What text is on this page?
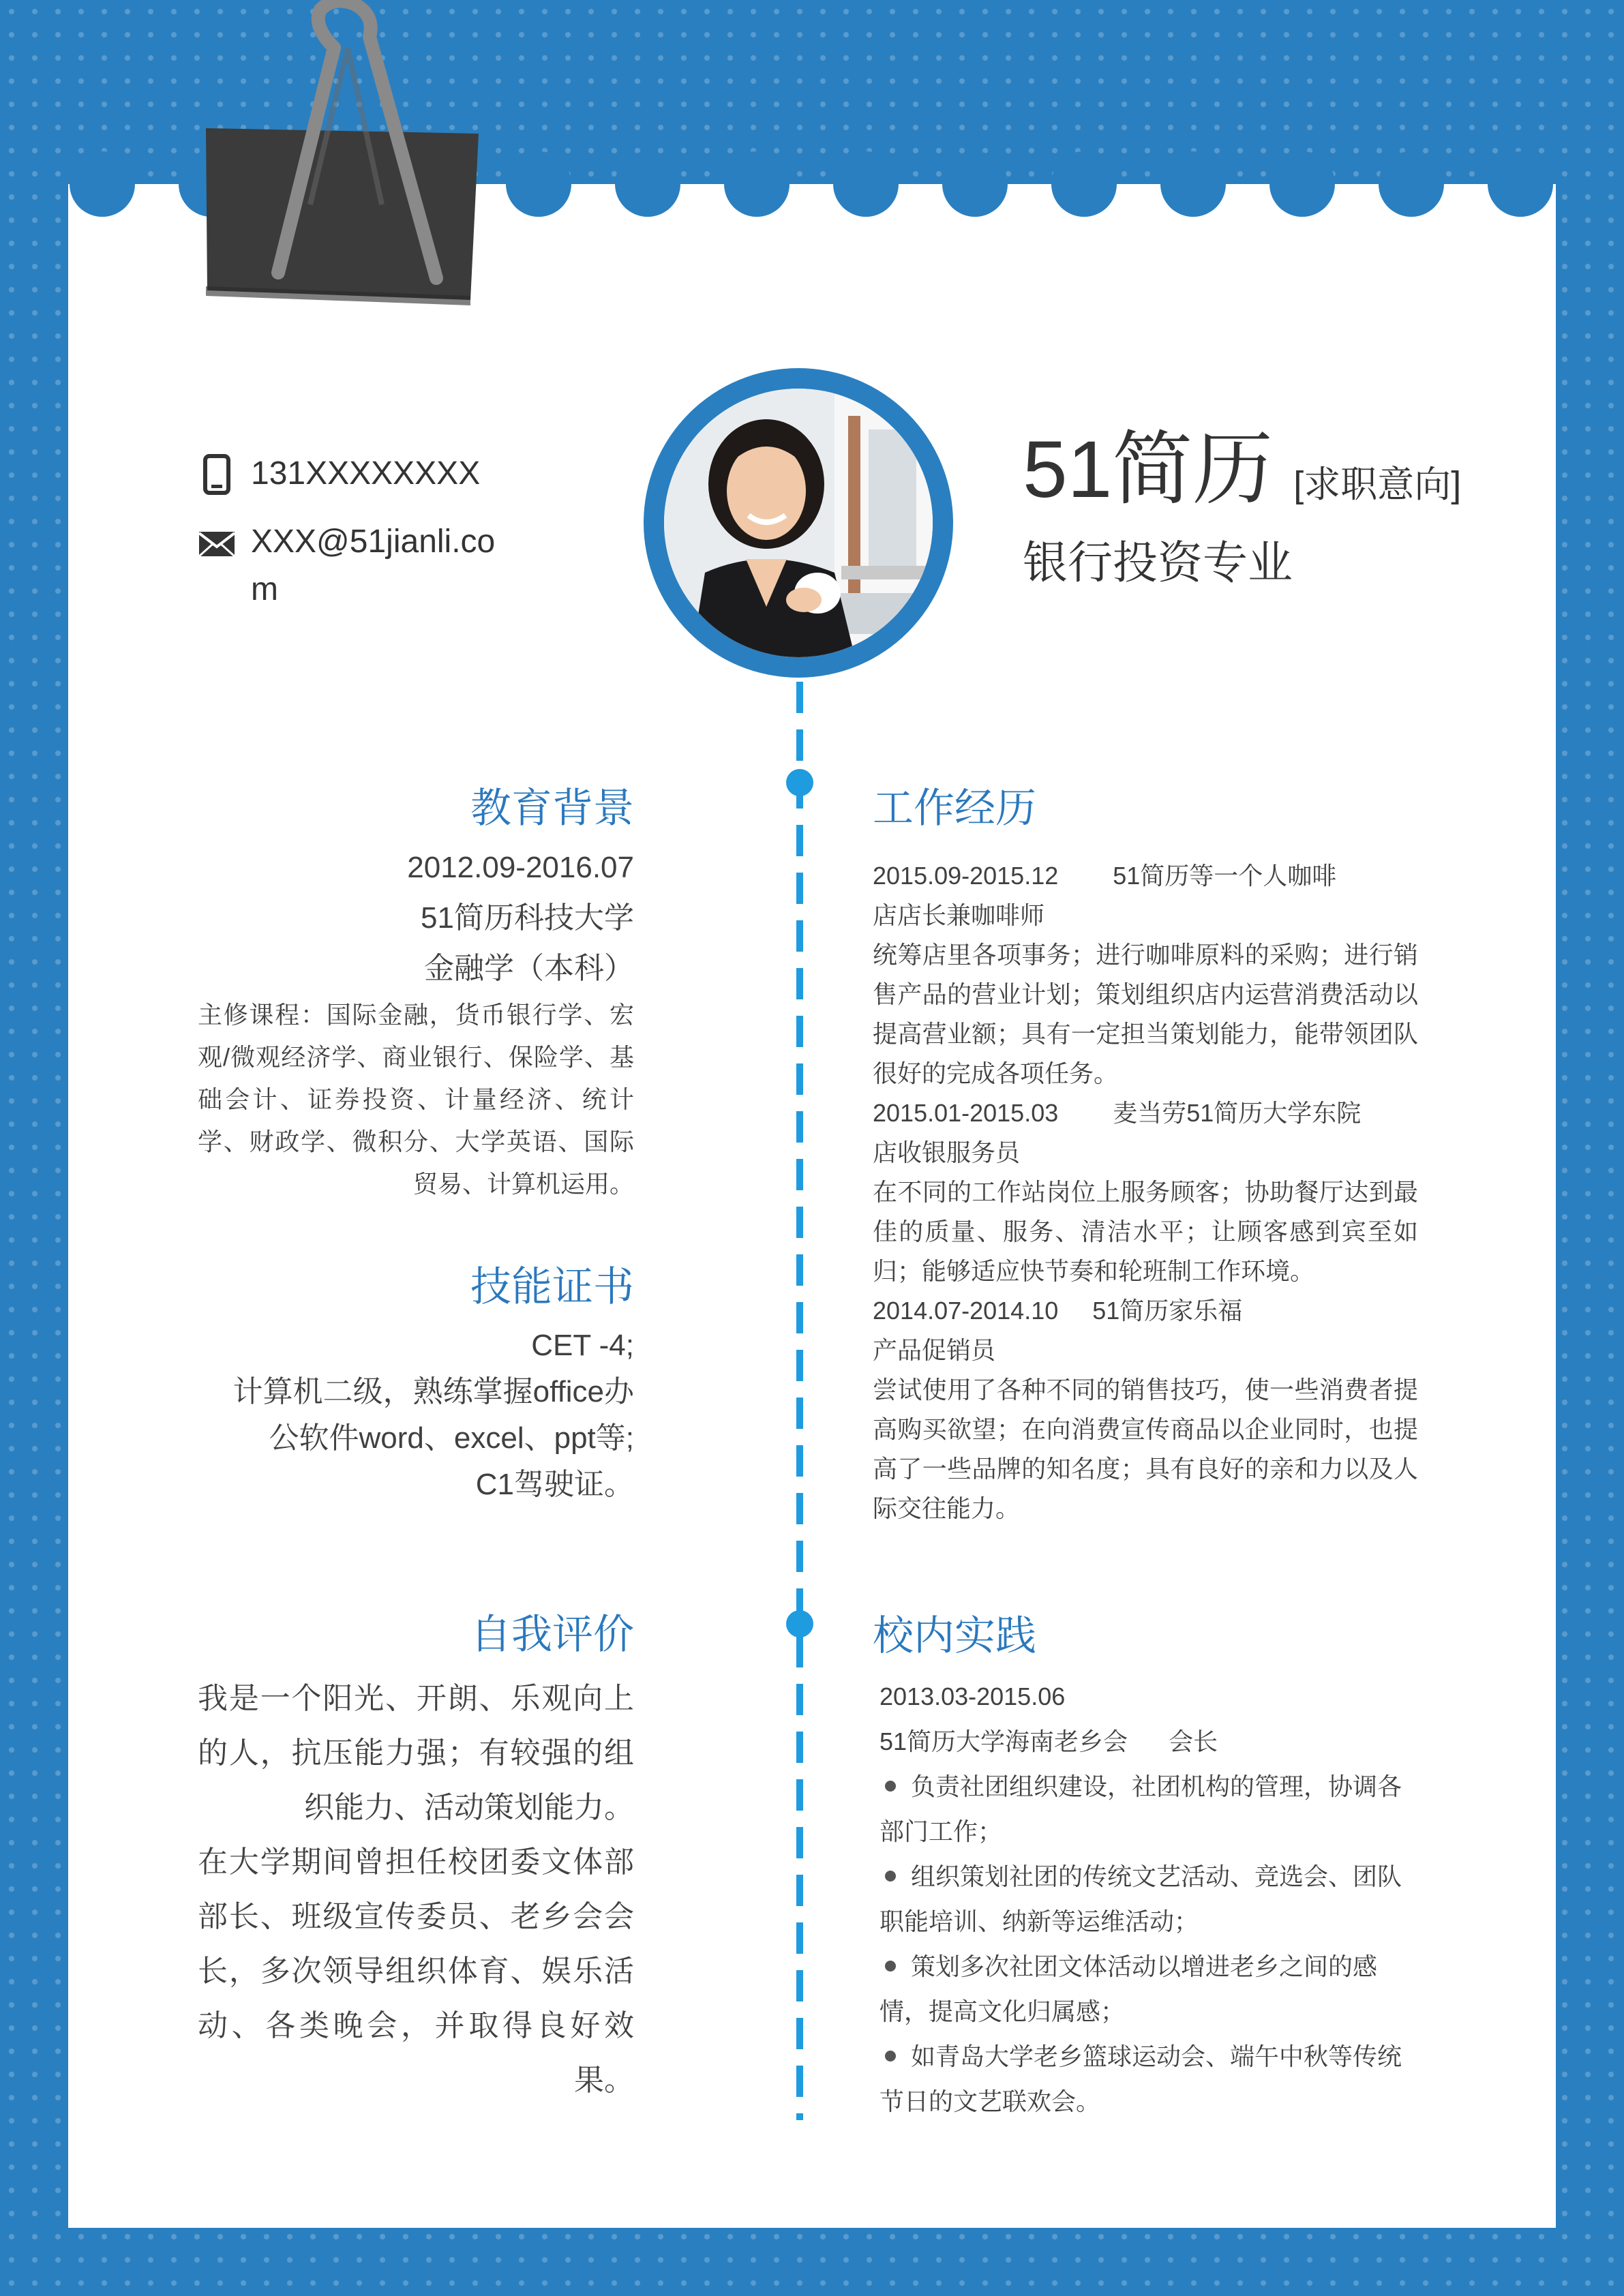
131XXXXXXXX
XXX@51jianli.com
51简历 [求职意向]
银行投资专业
教育背景
2012.09-2016.07
51简历科技大学金融学（本科）
主修课程：国际金融，货币银行学、宏观/微观经济学、商业银行、保险学、基础会计、证券投资、计量经济、统计学、财政学、微积分、大学英语、国际贸易、计算机运用。
技能证书
CET -4;
计算机二级，熟练掌握office办公软件word、excel、ppt等;
C1驾驶证。
自我评价
我是一个阳光、开朗、乐观向上的人，抗压能力强；有较强的组织能力、活动策划能力。
在大学期间曾担任校团委文体部部长、班级宣传委员、老乡会会长，多次领导组织体育、娱乐活动、各类晚会，并取得良好效果。
工作经历
2015.09-2015.12 51简历等一个人咖啡
店店长兼咖啡师
统筹店里各项事务；进行咖啡原料的采购；进行销售产品的营业计划；策划组织店内运营消费活动以提高营业额；具有一定担当策划能力，能带领团队很好的完成各项任务。
2015.01-2015.03 麦当劳51简历大学东院
店收银服务员
在不同的工作站岗位上服务顾客；协助餐厅达到最佳的质量、服务、清洁水平；让顾客感到宾至如归；能够适应快节奏和轮班制工作环境。
2014.07-2014.10 51简历家乐福
产品促销员
尝试使用了各种不同的销售技巧，使一些消费者提高购买欲望；在向消费宣传商品以企业同时，也提高了一些品牌的知名度；具有良好的亲和力以及人际交往能力。
校内实践
2013.03-2015.06
51简历大学海南老乡会 会长
负责社团组织建设，社团机构的管理，协调各部门工作；
组织策划社团的传统文艺活动、竞选会、团队职能培训、纳新等运维活动；
策划多次社团文体活动以增进老乡之间的感情，提高文化归属感；
如青岛大学老乡篮球运动会、端午中秋等传统节日的文艺联欢会。
